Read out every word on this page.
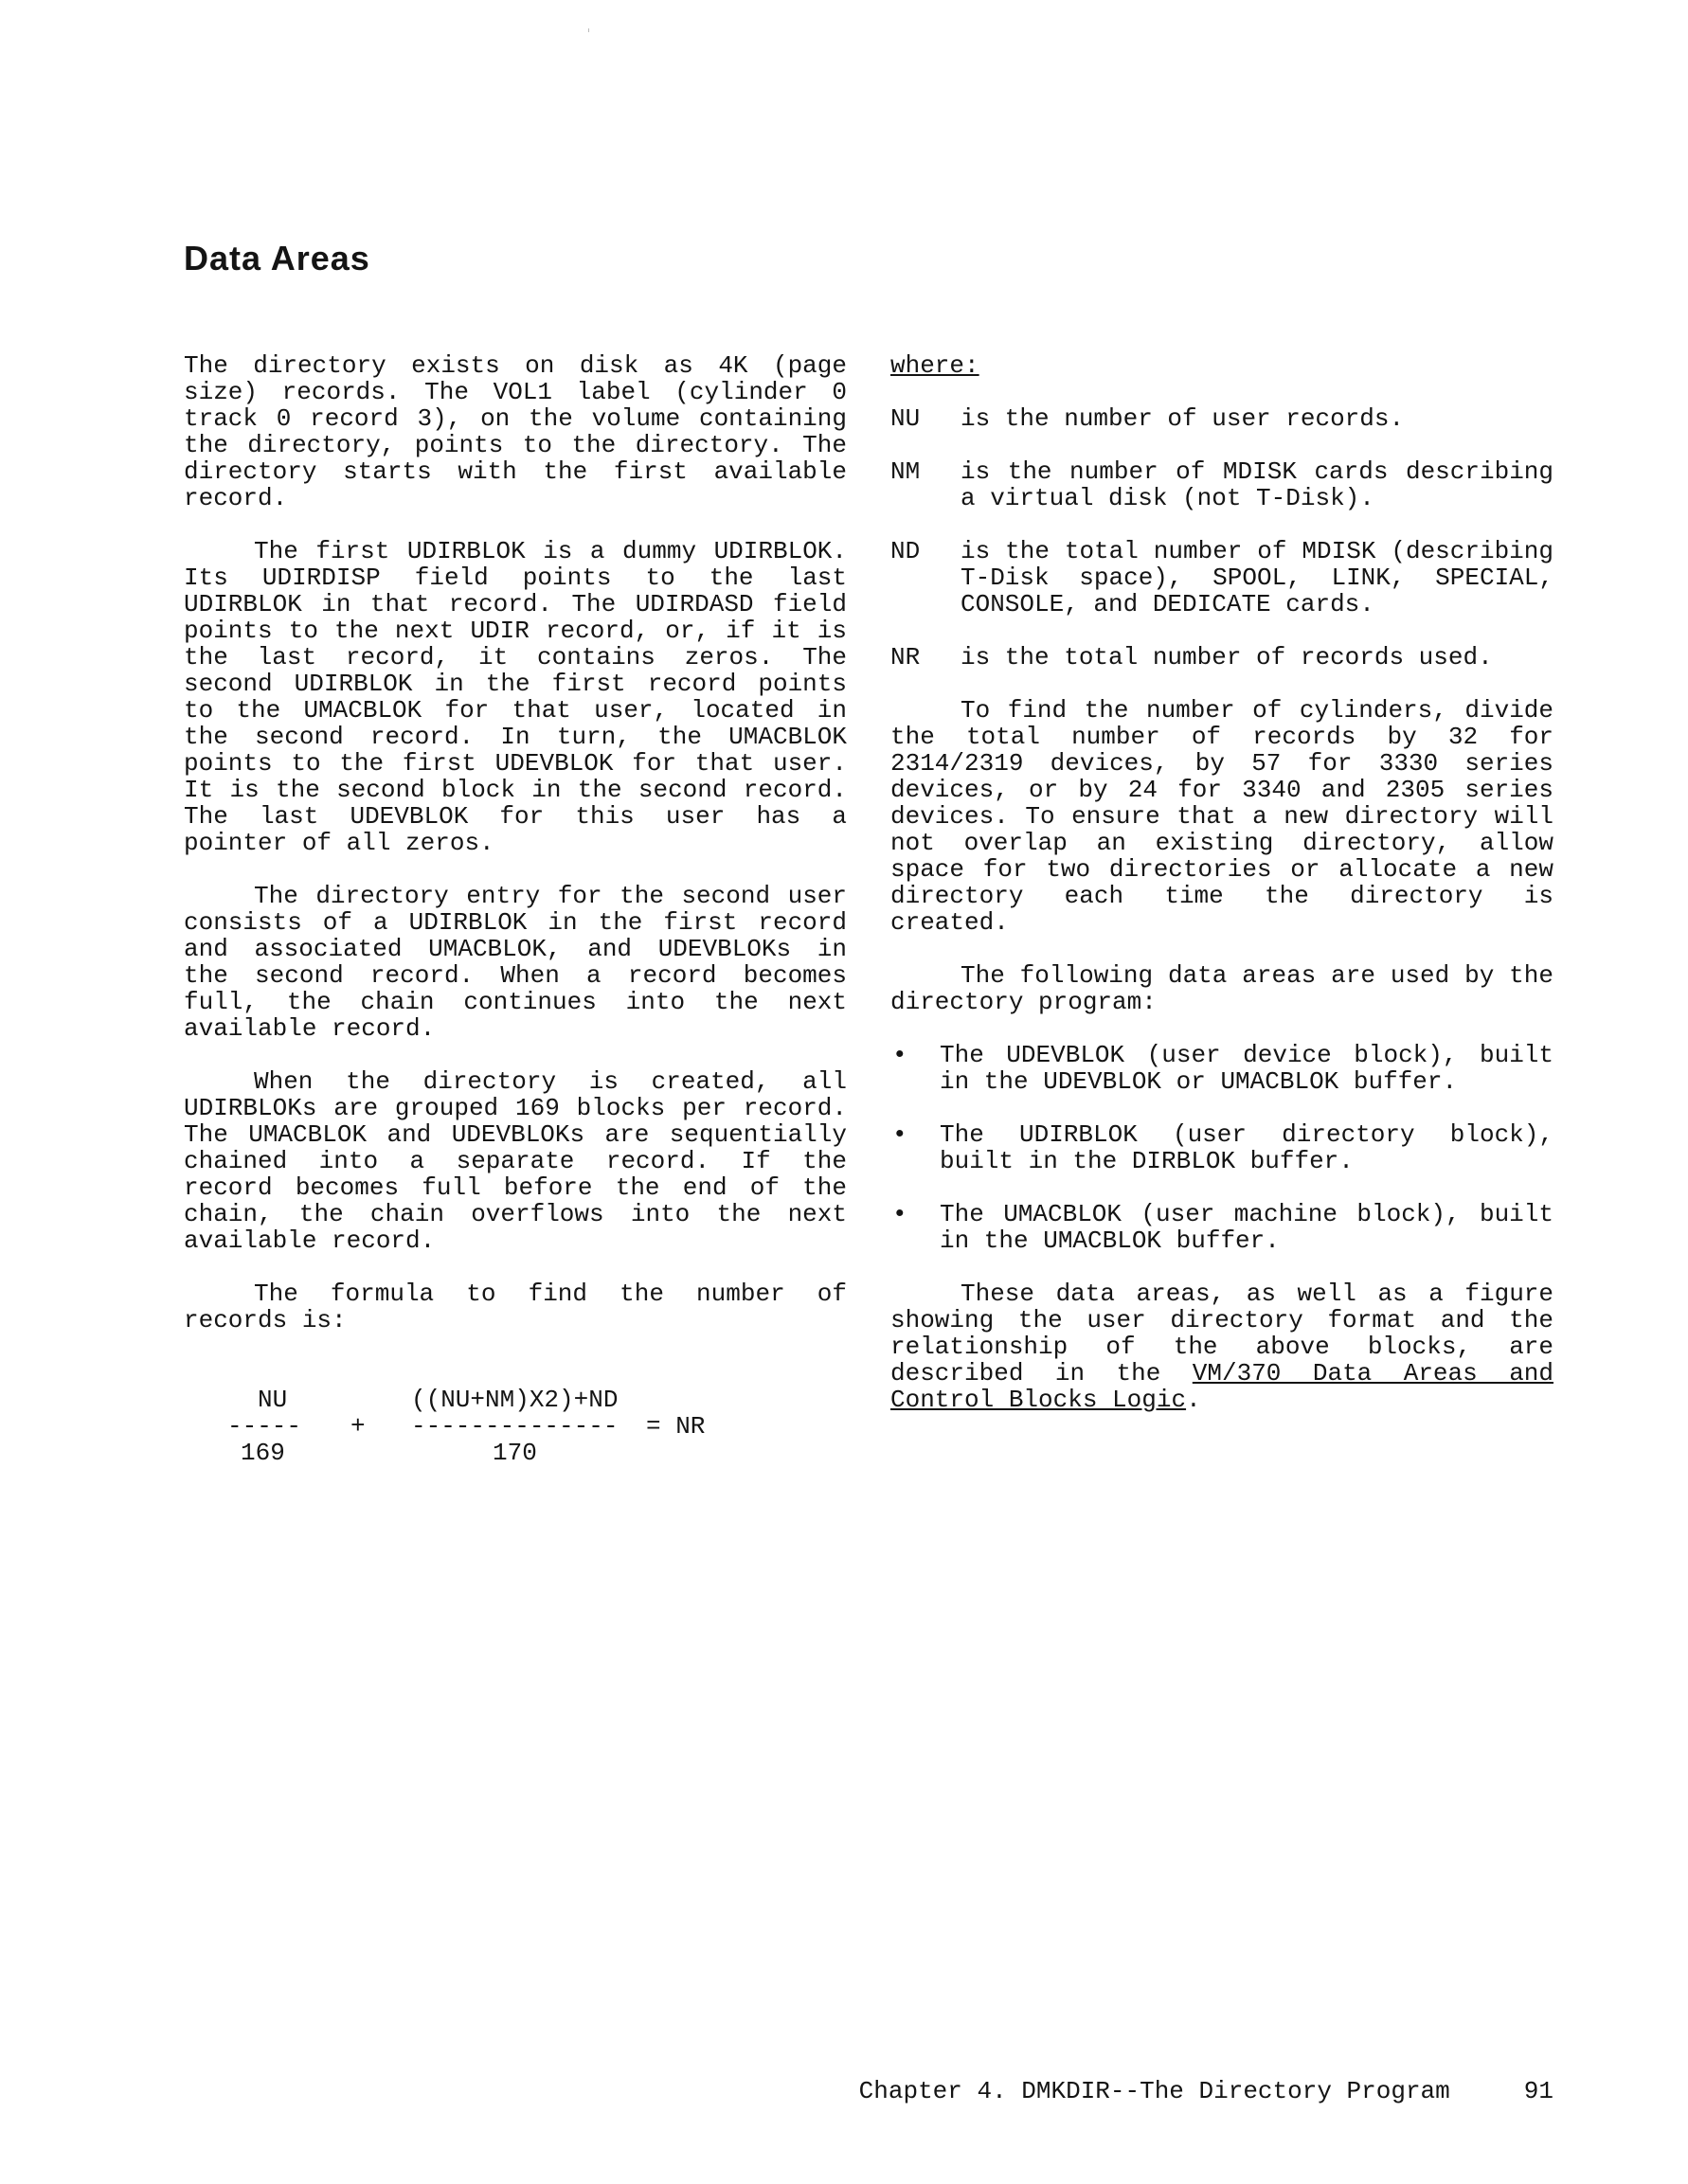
Data Areas

The directory exists on disk as 4K (page size) records. The VOL1 label (cylinder 0 track 0 record 3), on the volume containing the directory, points to the directory. The directory starts with the first available record.

The first UDIRBLOK is a dummy UDIRBLOK. Its UDIRDISP field points to the last UDIRBLOK in that record. The UDIRDASD field points to the next UDIR record, or, if it is the last record, it contains zeros. The second UDIRBLOK in the first record points to the UMACBLOK for that user, located in the second record. In turn, the UMACBLOK points to the first UDEVBLOK for that user. It is the second block in the second record. The last UDEVBLOK for this user has a pointer of all zeros.

The directory entry for the second user consists of a UDIRBLOK in the first record and associated UMACBLOK, and UDEVBLOKs in the second record. When a record becomes full, the chain continues into the next available record.

When the directory is created, all UDIRBLOKs are grouped 169 blocks per record. The UMACBLOK and UDEVBLOKs are sequentially chained into a separate record. If the record becomes full before the end of the chain, the chain overflows into the next available record.

The formula to find the number of records is:

NU
-----
169
+
((NU+NM)X2)+ND
--------------
170
= NR

where:

NU	is the number of user records.
NM	is the number of MDISK cards describing a virtual disk (not T-Disk).
ND	is the total number of MDISK (describing T-Disk space), SPOOL, LINK, SPECIAL, CONSOLE, and DEDICATE cards.
NR	is the total number of records used.

To find the number of cylinders, divide the total number of records by 32 for 2314/2319 devices, by 57 for 3330 series devices, or by 24 for 3340 and 2305 series devices. To ensure that a new directory will not overlap an existing directory, allow space for two directories or allocate a new directory each time the directory is created.

The following data areas are used by the directory program:

•	The UDEVBLOK (user device block), built in the UDEVBLOK or UMACBLOK buffer.
•	The UDIRBLOK (user directory block), built in the DIRBLOK buffer.
•	The UMACBLOK (user machine block), built in the UMACBLOK buffer.

These data areas, as well as a figure showing the user directory format and the relationship of the above blocks, are described in the VM/370 Data Areas and Control Blocks Logic.

Chapter 4. DMKDIR--The Directory Program	91
